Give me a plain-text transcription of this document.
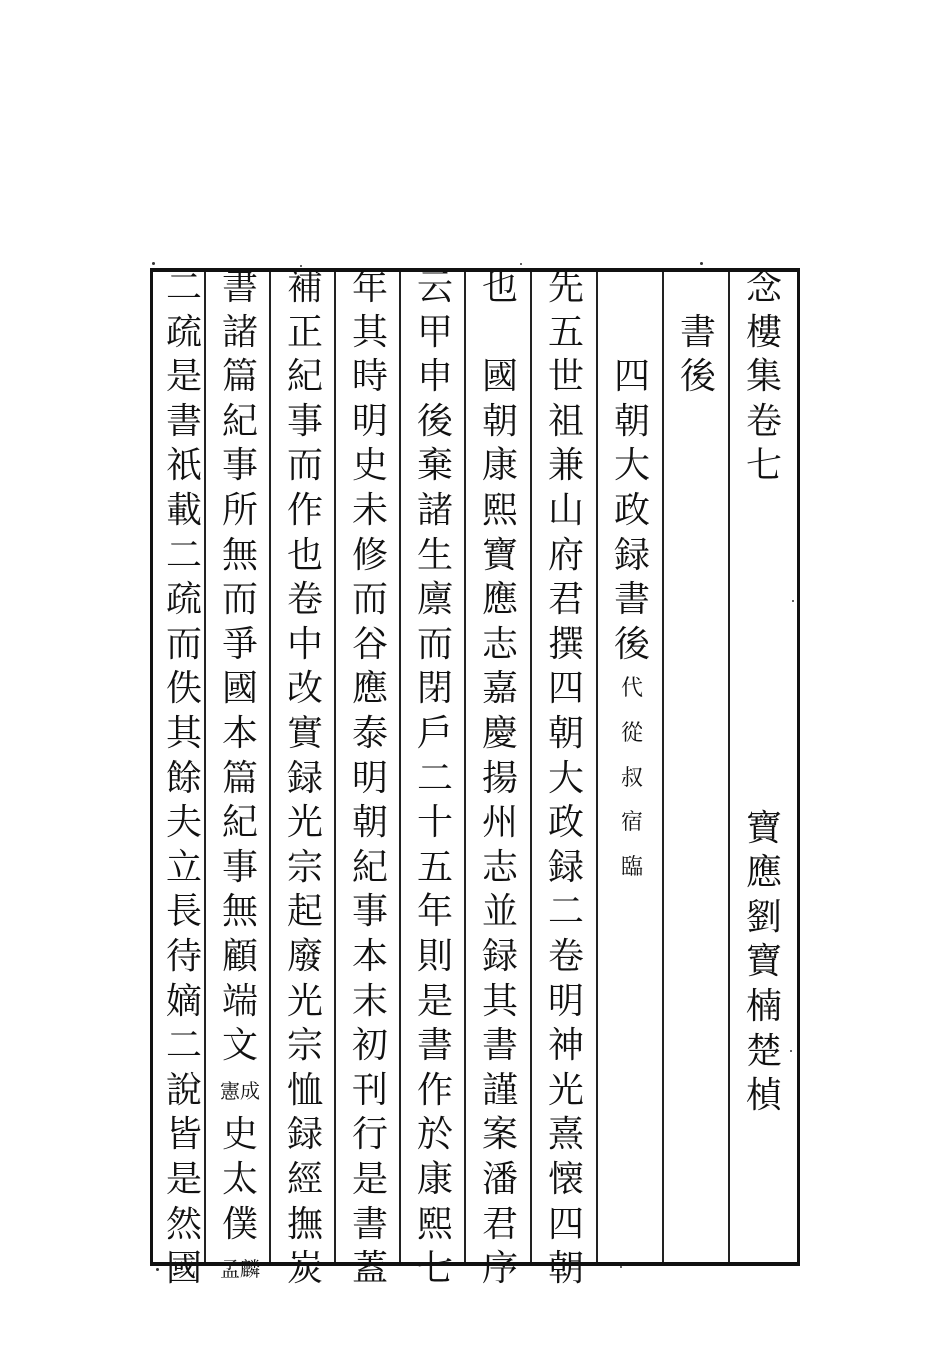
念
樓
集
卷
七
書
後
四
朝
大
政
録
書
後
代
從
叔
宿
臨
先
五
世
祖
兼
山
府
君
撰
四
朝
大
政
録
二
卷
明
神
光
熹
懐
四
朝
也
國
朝
康
熙
寶
應
志
嘉
慶
揚
州
志
並
録
其
書
謹
案
潘
君
序
云
甲
申
後
棄
諸
生
廪
而
閉
戶
二
十
五
年
則
是
書
作
於
康
熙
七
年
其
時
明
史
未
修
而
谷
應
泰
明
朝
紀
事
本
末
初
刊
行
是
書
蓋
補
正
紀
事
而
作
也
卷
中
改
實
録
光
宗
起
廢
光
宗
恤
録
經
撫
炭
書
諸
篇
紀
事
所
無
而
爭
國
本
篇
紀
事
無
顧
端
文
憲成
史
太
僕
孟麟
二
疏
是
書
祇
載
二
疏
而
佚
其
餘
夫
立
長
待
嫡
二
說
皆
是
然
國
寶
應
劉
寶
楠
楚
楨
